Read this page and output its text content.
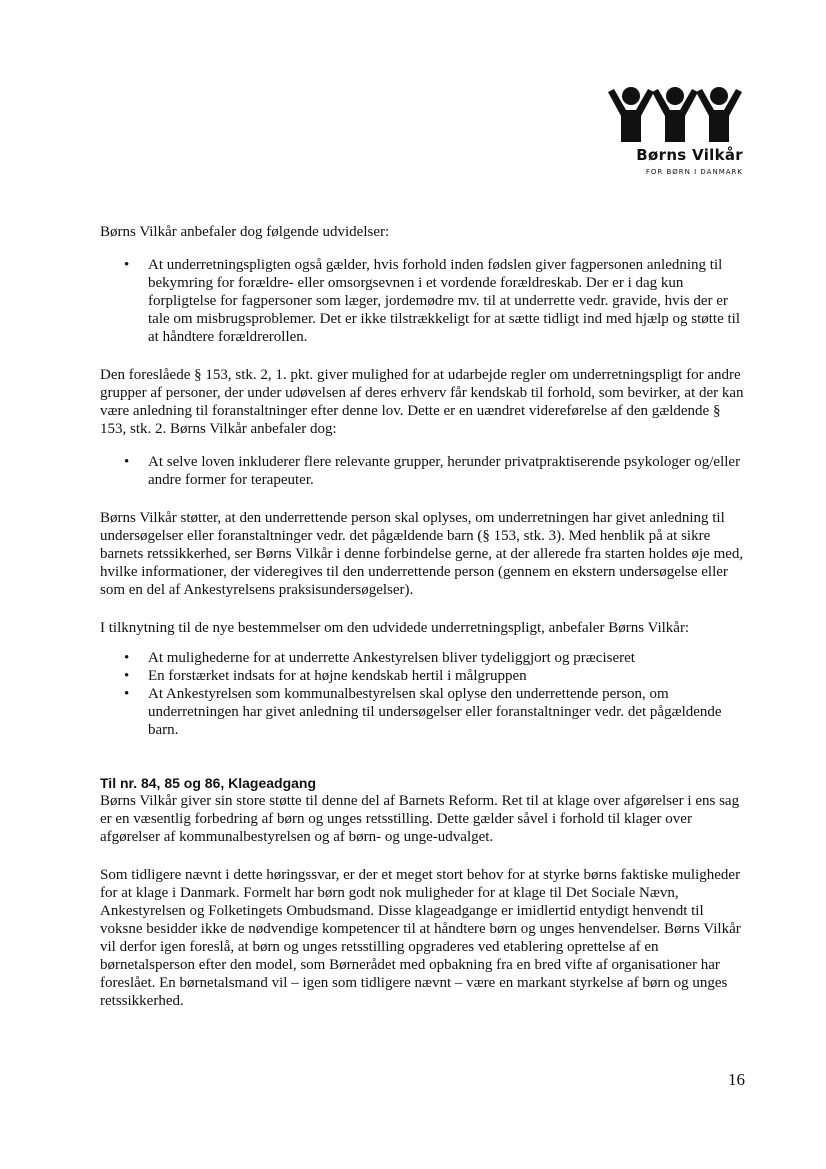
Børns Vilkår
FOR BØRN I DANMARK

Børns Vilkår anbefaler dog følgende udvidelser:

• At underretningspligten også gælder, hvis forhold inden fødslen giver fagpersonen anledning til bekymring for forældre- eller omsorgsevnen i et vordende forældreskab. Der er i dag kun forpligtelse for fagpersoner som læger, jordemødre mv. til at underrette vedr. gravide, hvis der er tale om misbrugsproblemer. Det er ikke tilstrækkeligt for at sætte tidligt ind med hjælp og støtte til at håndtere forældrerollen.

Den foreslåede § 153, stk. 2, 1. pkt. giver mulighed for at udarbejde regler om underretningspligt for andre grupper af personer, der under udøvelsen af deres erhverv får kendskab til forhold, som bevirker, at der kan være anledning til foranstaltninger efter denne lov. Dette er en uændret videreførelse af den gældende § 153, stk. 2. Børns Vilkår anbefaler dog:

• At selve loven inkluderer flere relevante grupper, herunder privatpraktiserende psykologer og/eller andre former for terapeuter.

Børns Vilkår støtter, at den underrettende person skal oplyses, om underretningen har givet anledning til undersøgelser eller foranstaltninger vedr. det pågældende barn (§ 153, stk. 3). Med henblik på at sikre barnets retssikkerhed, ser Børns Vilkår i denne forbindelse gerne, at der allerede fra starten holdes øje med, hvilke informationer, der videregives til den underrettende person (gennem en ekstern undersøgelse eller som en del af Ankestyrelsens praksisundersøgelser).

I tilknytning til de nye bestemmelser om den udvidede underretningspligt, anbefaler Børns Vilkår:

• At mulighederne for at underrette Ankestyrelsen bliver tydeliggjort og præciseret
• En forstærket indsats for at højne kendskab hertil i målgruppen
• At Ankestyrelsen som kommunalbestyrelsen skal oplyse den underrettende person, om underretningen har givet anledning til undersøgelser eller foranstaltninger vedr. det pågældende barn.

Til nr. 84, 85 og 86, Klageadgang

Børns Vilkår giver sin store støtte til denne del af Barnets Reform. Ret til at klage over afgørelser i ens sag er en væsentlig forbedring af børn og unges retsstilling. Dette gælder såvel i forhold til klager over afgørelser af kommunalbestyrelsen og af børn- og unge-udvalget.

Som tidligere nævnt i dette høringssvar, er der et meget stort behov for at styrke børns faktiske muligheder for at klage i Danmark. Formelt har børn godt nok muligheder for at klage til Det Sociale Nævn, Ankestyrelsen og Folketingets Ombudsmand. Disse klageadgange er imidlertid entydigt henvendt til voksne besidder ikke de nødvendige kompetencer til at håndtere børn og unges henvendelser. Børns Vilkår vil derfor igen foreslå, at børn og unges retsstilling opgraderes ved etablering oprettelse af en børnetalsperson efter den model, som Børnerådet med opbakning fra en bred vifte af organisationer har foreslået. En børnetalsmand vil – igen som tidligere nævnt – være en markant styrkelse af børn og unges retssikkerhed.

16
